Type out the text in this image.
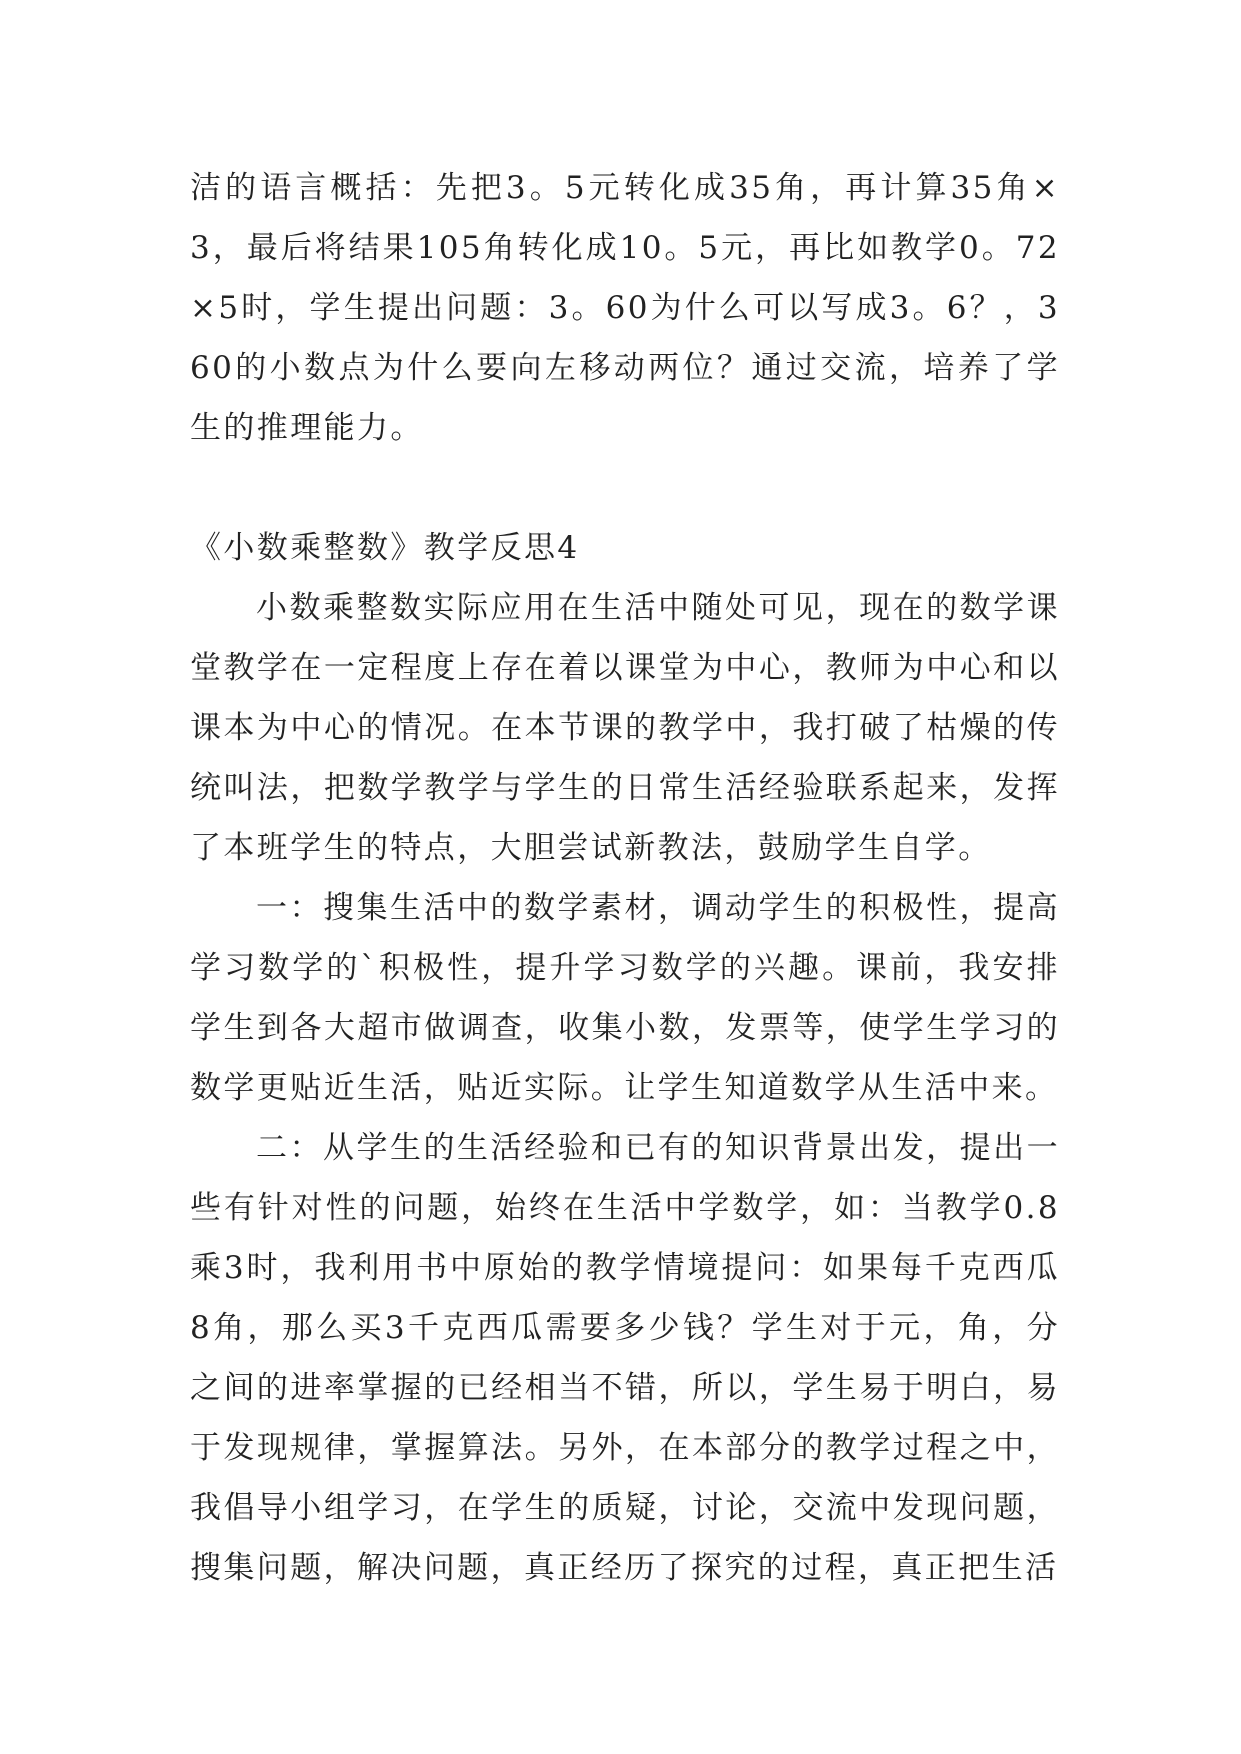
洁的语言概括：先把3。5元转化成35角，再计算35角×3，最后将结果105角转化成10。5元，再比如教学0。72×5时，学生提出问题：3。60为什么可以写成3。6？，360的小数点为什么要向左移动两位？通过交流，培养了学生的推理能力。

《小数乘整数》教学反思4

小数乘整数实际应用在生活中随处可见，现在的数学课堂教学在一定程度上存在着以课堂为中心，教师为中心和以课本为中心的情况。在本节课的教学中，我打破了枯燥的传统叫法，把数学教学与学生的日常生活经验联系起来，发挥了本班学生的特点，大胆尝试新教法，鼓励学生自学。

一：搜集生活中的数学素材，调动学生的积极性，提高学习数学的`积极性，提升学习数学的兴趣。课前，我安排学生到各大超市做调查，收集小数，发票等，使学生学习的数学更贴近生活，贴近实际。让学生知道数学从生活中来。

二：从学生的生活经验和已有的知识背景出发，提出一些有针对性的问题，始终在生活中学数学，如：当教学0.8乘3时，我利用书中原始的教学情境提问：如果每千克西瓜8角，那么买3千克西瓜需要多少钱？学生对于元，角，分之间的进率掌握的已经相当不错，所以，学生易于明白，易于发现规律，掌握算法。另外，在本部分的教学过程之中，我倡导小组学习，在学生的质疑，讨论，交流中发现问题，搜集问题，解决问题，真正经历了探究的过程，真正把生活
